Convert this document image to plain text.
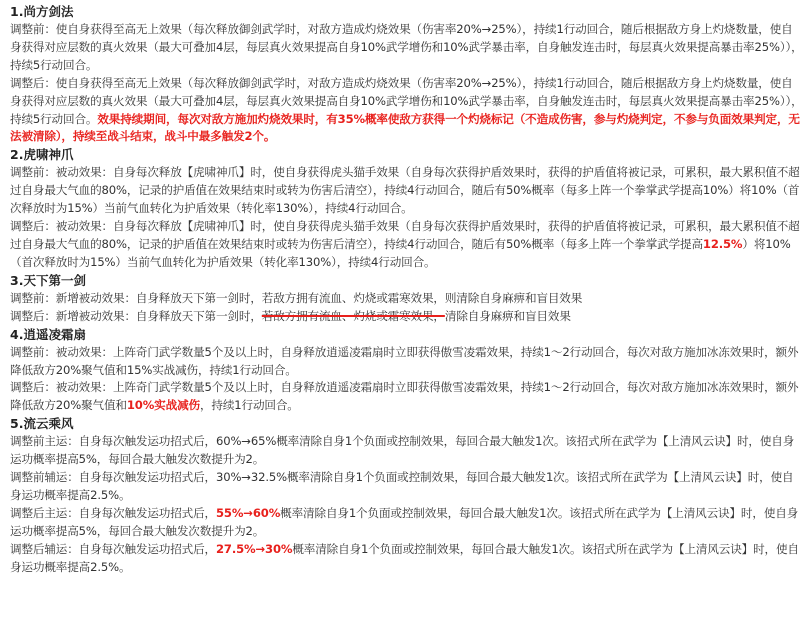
1.尚方剑法
调整前：使自身获得至高无上效果（每次释放御剑武学时，对敌方造成灼烧效果（伤害率20%→25%），持续1行动回合，随后根据敌方身上灼烧数量，使自身获得对应层数的真火效果（最大可叠加4层，每层真火效果提高自身10%武学增伤和10%武学暴击率，自身触发连击时，每层真火效果提高暴击率25%）），持续5行动回合。
调整后：使自身获得至高无上效果（每次释放御剑武学时，对敌方造成灼烧效果（伤害率20%→25%），持续1行动回合，随后根据敌方身上灼烧数量，使自身获得对应层数的真火效果（最大可叠加4层，每层真火效果提高自身10%武学增伤和10%武学暴击率，自身触发连击时，每层真火效果提高暴击率25%）），持续5行动回合。效果持续期间，每次对敌方施加灼烧效果时，有35%概率使敌方获得一个灼烧标记（不造成伤害，参与灼烧判定，不参与负面效果判定，无法被清除），持续至战斗结束，战斗中最多触发2个。
2.虎啸神爪
调整前：被动效果：自身每次释放【虎啸神爪】时，使自身获得虎头猫手效果（自身每次获得护盾效果时，获得的护盾值将被记录，可累积，最大累积值不超过自身最大气血的80%，记录的护盾值在效果结束时或转为伤害后清空），持续4行动回合，随后有50%概率（每多上阵一个拳掌武学提高10%）将10%（首次释放时为15%）当前气血转化为护盾效果（转化率130%），持续4行动回合。
调整后：被动效果：自身每次释放【虎啸神爪】时，使自身获得虎头猫手效果（自身每次获得护盾效果时，获得的护盾值将被记录，可累积，最大累积值不超过自身最大气血的80%，记录的护盾值在效果结束时或转为伤害后清空），持续4行动回合，随后有50%概率（每多上阵一个拳掌武学提高12.5%）将10%（首次释放时为15%）当前气血转化为护盾效果（转化率130%），持续4行动回合。
3.天下第一剑
调整前：新增被动效果：自身释放天下第一剑时，若敌方拥有流血、灼烧或霜寒效果，则清除自身麻痹和盲目效果
调整后：新增被动效果：自身释放天下第一剑时，若敌方拥有流血、灼烧或霜寒效果，清除自身麻痹和盲目效果
4.逍遥凌霜扇
调整前：被动效果：上阵奇门武学数量5个及以上时，自身释放逍遥凌霜扇时立即获得傲雪凌霜效果，持续1～2行动回合，每次对敌方施加冰冻效果时，额外降低敌方20%聚气值和15%实战减伤，持续1行动回合。
调整后：被动效果：上阵奇门武学数量5个及以上时，自身释放逍遥凌霜扇时立即获得傲雪凌霜效果，持续1～2行动回合，每次对敌方施加冰冻效果时，额外降低敌方20%聚气值和10%实战减伤，持续1行动回合。
5.流云乘风
调整前主运：自身每次触发运功招式后，60%→65%概率清除自身1个负面或控制效果，每回合最大触发1次。该招式所在武学为【上清风云诀】时，使自身运功概率提高5%，每回合最大触发次数提升为2。
调整前辅运：自身每次触发运功招式后，30%→32.5%概率清除自身1个负面或控制效果，每回合最大触发1次。该招式所在武学为【上清风云诀】时，使自身运功概率提高2.5%。
调整后主运：自身每次触发运功招式后，55%→60%概率清除自身1个负面或控制效果，每回合最大触发1次。该招式所在武学为【上清风云诀】时，使自身运功概率提高5%，每回合最大触发次数提升为2。
调整后辅运：自身每次触发运功招式后，27.5%→30%概率清除自身1个负面或控制效果，每回合最大触发1次。该招式所在武学为【上清风云诀】时，使自身运功概率提高2.5%。
